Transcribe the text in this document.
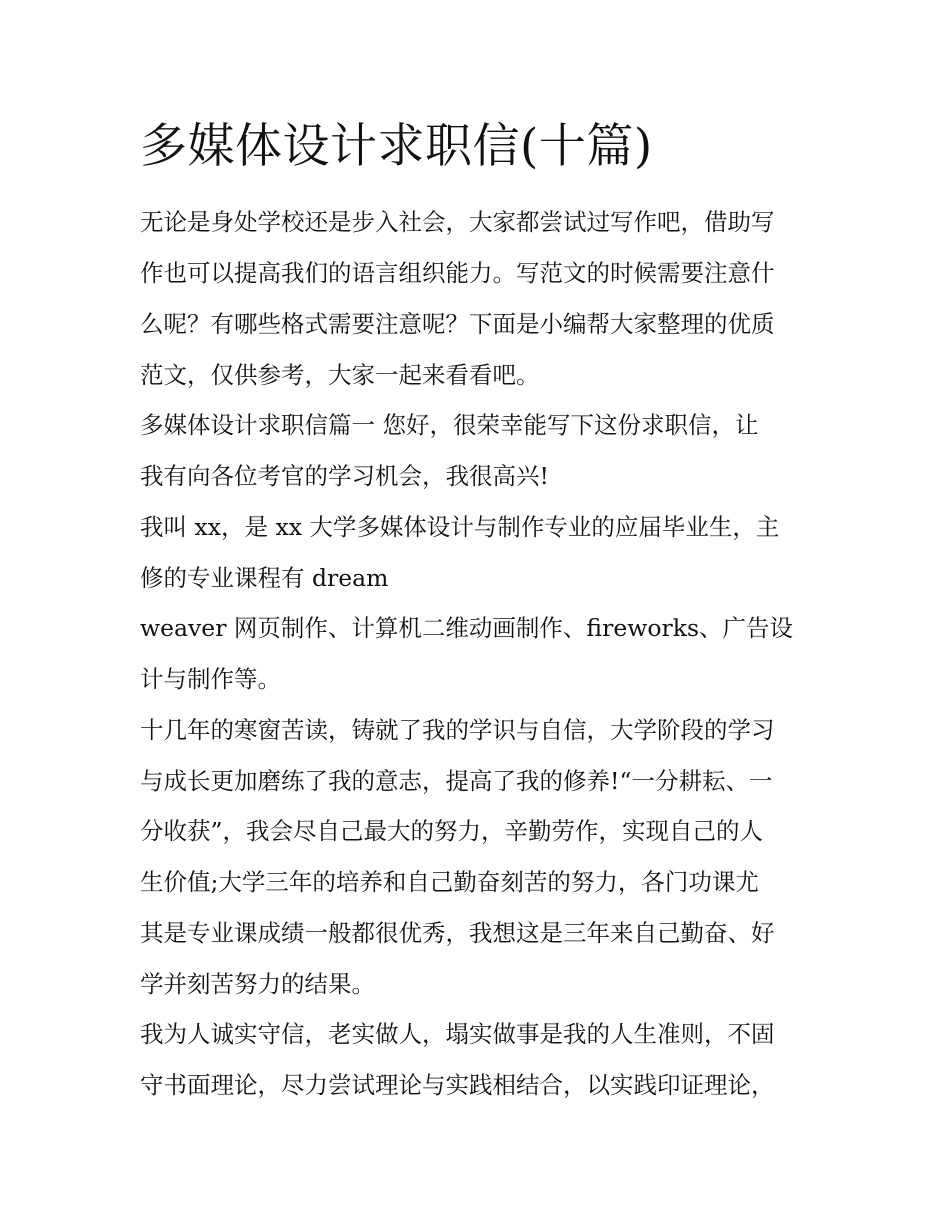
多媒体设计求职信(十篇)

无论是身处学校还是步入社会，大家都尝试过写作吧，借助写

作也可以提高我们的语言组织能力。写范文的时候需要注意什

么呢？有哪些格式需要注意呢？下面是小编帮大家整理的优质

范文，仅供参考，大家一起来看看吧。

多媒体设计求职信篇一 您好，很荣幸能写下这份求职信，让

我有向各位考官的学习机会，我很高兴!

我叫 xx，是 xx 大学多媒体设计与制作专业的应届毕业生，主

修的专业课程有 dream

weaver 网页制作、计算机二维动画制作、fireworks、广告设

计与制作等。

十几年的寒窗苦读，铸就了我的学识与自信，大学阶段的学习

与成长更加磨练了我的意志，提高了我的修养!“一分耕耘、一

分收获”，我会尽自己最大的努力，辛勤劳作，实现自己的人

生价值;大学三年的培养和自己勤奋刻苦的努力，各门功课尤

其是专业课成绩一般都很优秀，我想这是三年来自己勤奋、好

学并刻苦努力的结果。

我为人诚实守信，老实做人，塌实做事是我的人生准则，不固

守书面理论，尽力尝试理论与实践相结合，以实践印证理论，
